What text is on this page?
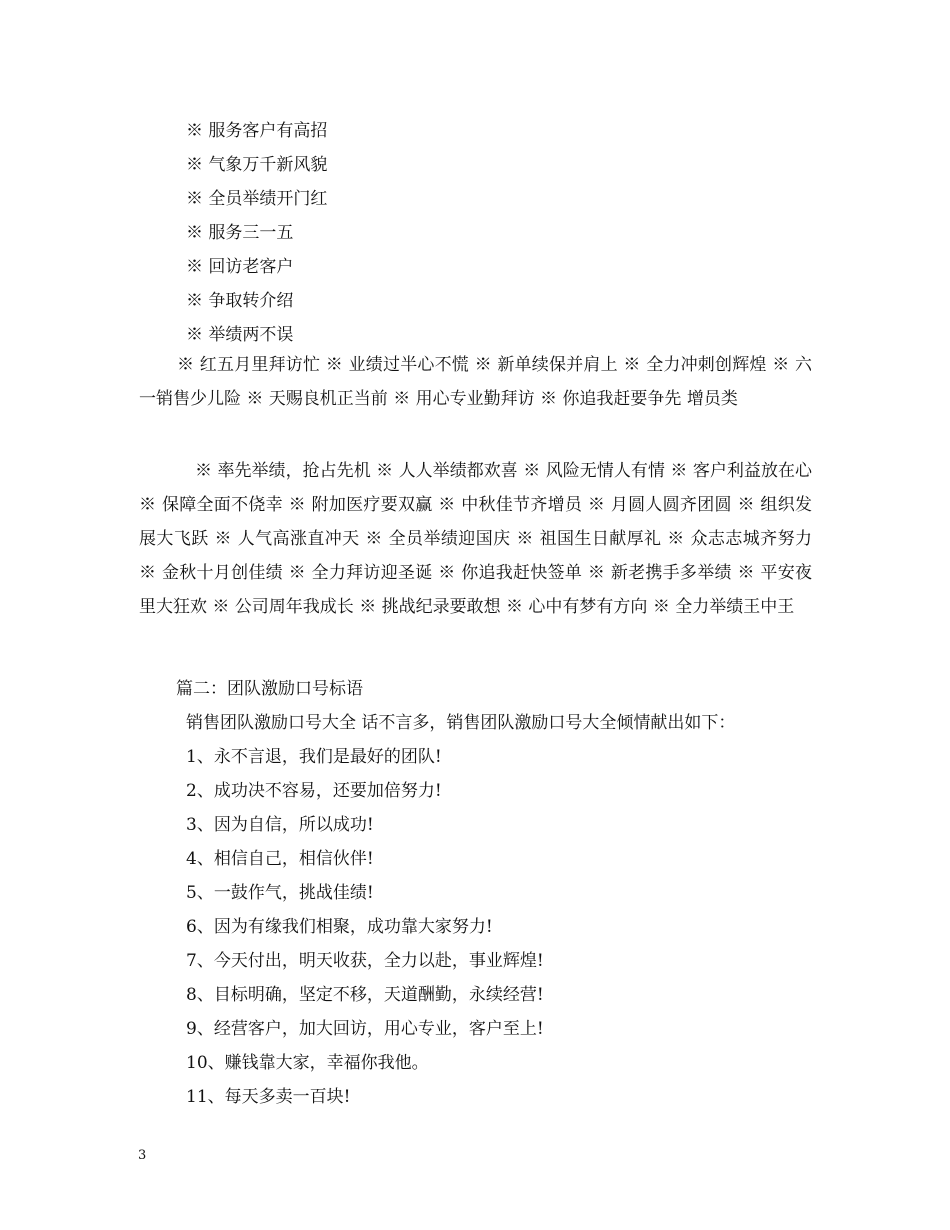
※ 服务客户有高招
※ 气象万千新风貌
※ 全员举绩开门红
※ 服务三一五
※ 回访老客户
※ 争取转介绍
※ 举绩两不误
※ 红五月里拜访忙 ※ 业绩过半心不慌 ※ 新单续保并肩上 ※ 全力冲刺创辉煌 ※ 六一销售少儿险 ※ 天赐良机正当前 ※ 用心专业勤拜访 ※ 你追我赶要争先 增员类
※ 率先举绩，抢占先机 ※ 人人举绩都欢喜 ※ 风险无情人有情 ※ 客户利益放在心 ※ 保障全面不侥幸 ※ 附加医疗要双赢 ※ 中秋佳节齐增员 ※ 月圆人圆齐团圆 ※ 组织发展大飞跃 ※ 人气高涨直冲天 ※ 全员举绩迎国庆 ※ 祖国生日献厚礼 ※ 众志志城齐努力 ※ 金秋十月创佳绩 ※ 全力拜访迎圣诞 ※ 你追我赶快签单 ※ 新老携手多举绩 ※ 平安夜里大狂欢 ※ 公司周年我成长 ※ 挑战纪录要敢想 ※ 心中有梦有方向 ※ 全力举绩王中王
篇二：团队激励口号标语
销售团队激励口号大全 话不言多，销售团队激励口号大全倾情献出如下：
1、永不言退，我们是最好的团队!
2、成功决不容易，还要加倍努力!
3、因为自信，所以成功!
4、相信自己，相信伙伴!
5、一鼓作气，挑战佳绩!
6、因为有缘我们相聚，成功靠大家努力!
7、今天付出，明天收获，全力以赴，事业辉煌!
8、目标明确，坚定不移，天道酬勤，永续经营!
9、经营客户，加大回访，用心专业，客户至上!
10、赚钱靠大家，幸福你我他。
11、每天多卖一百块!
3
